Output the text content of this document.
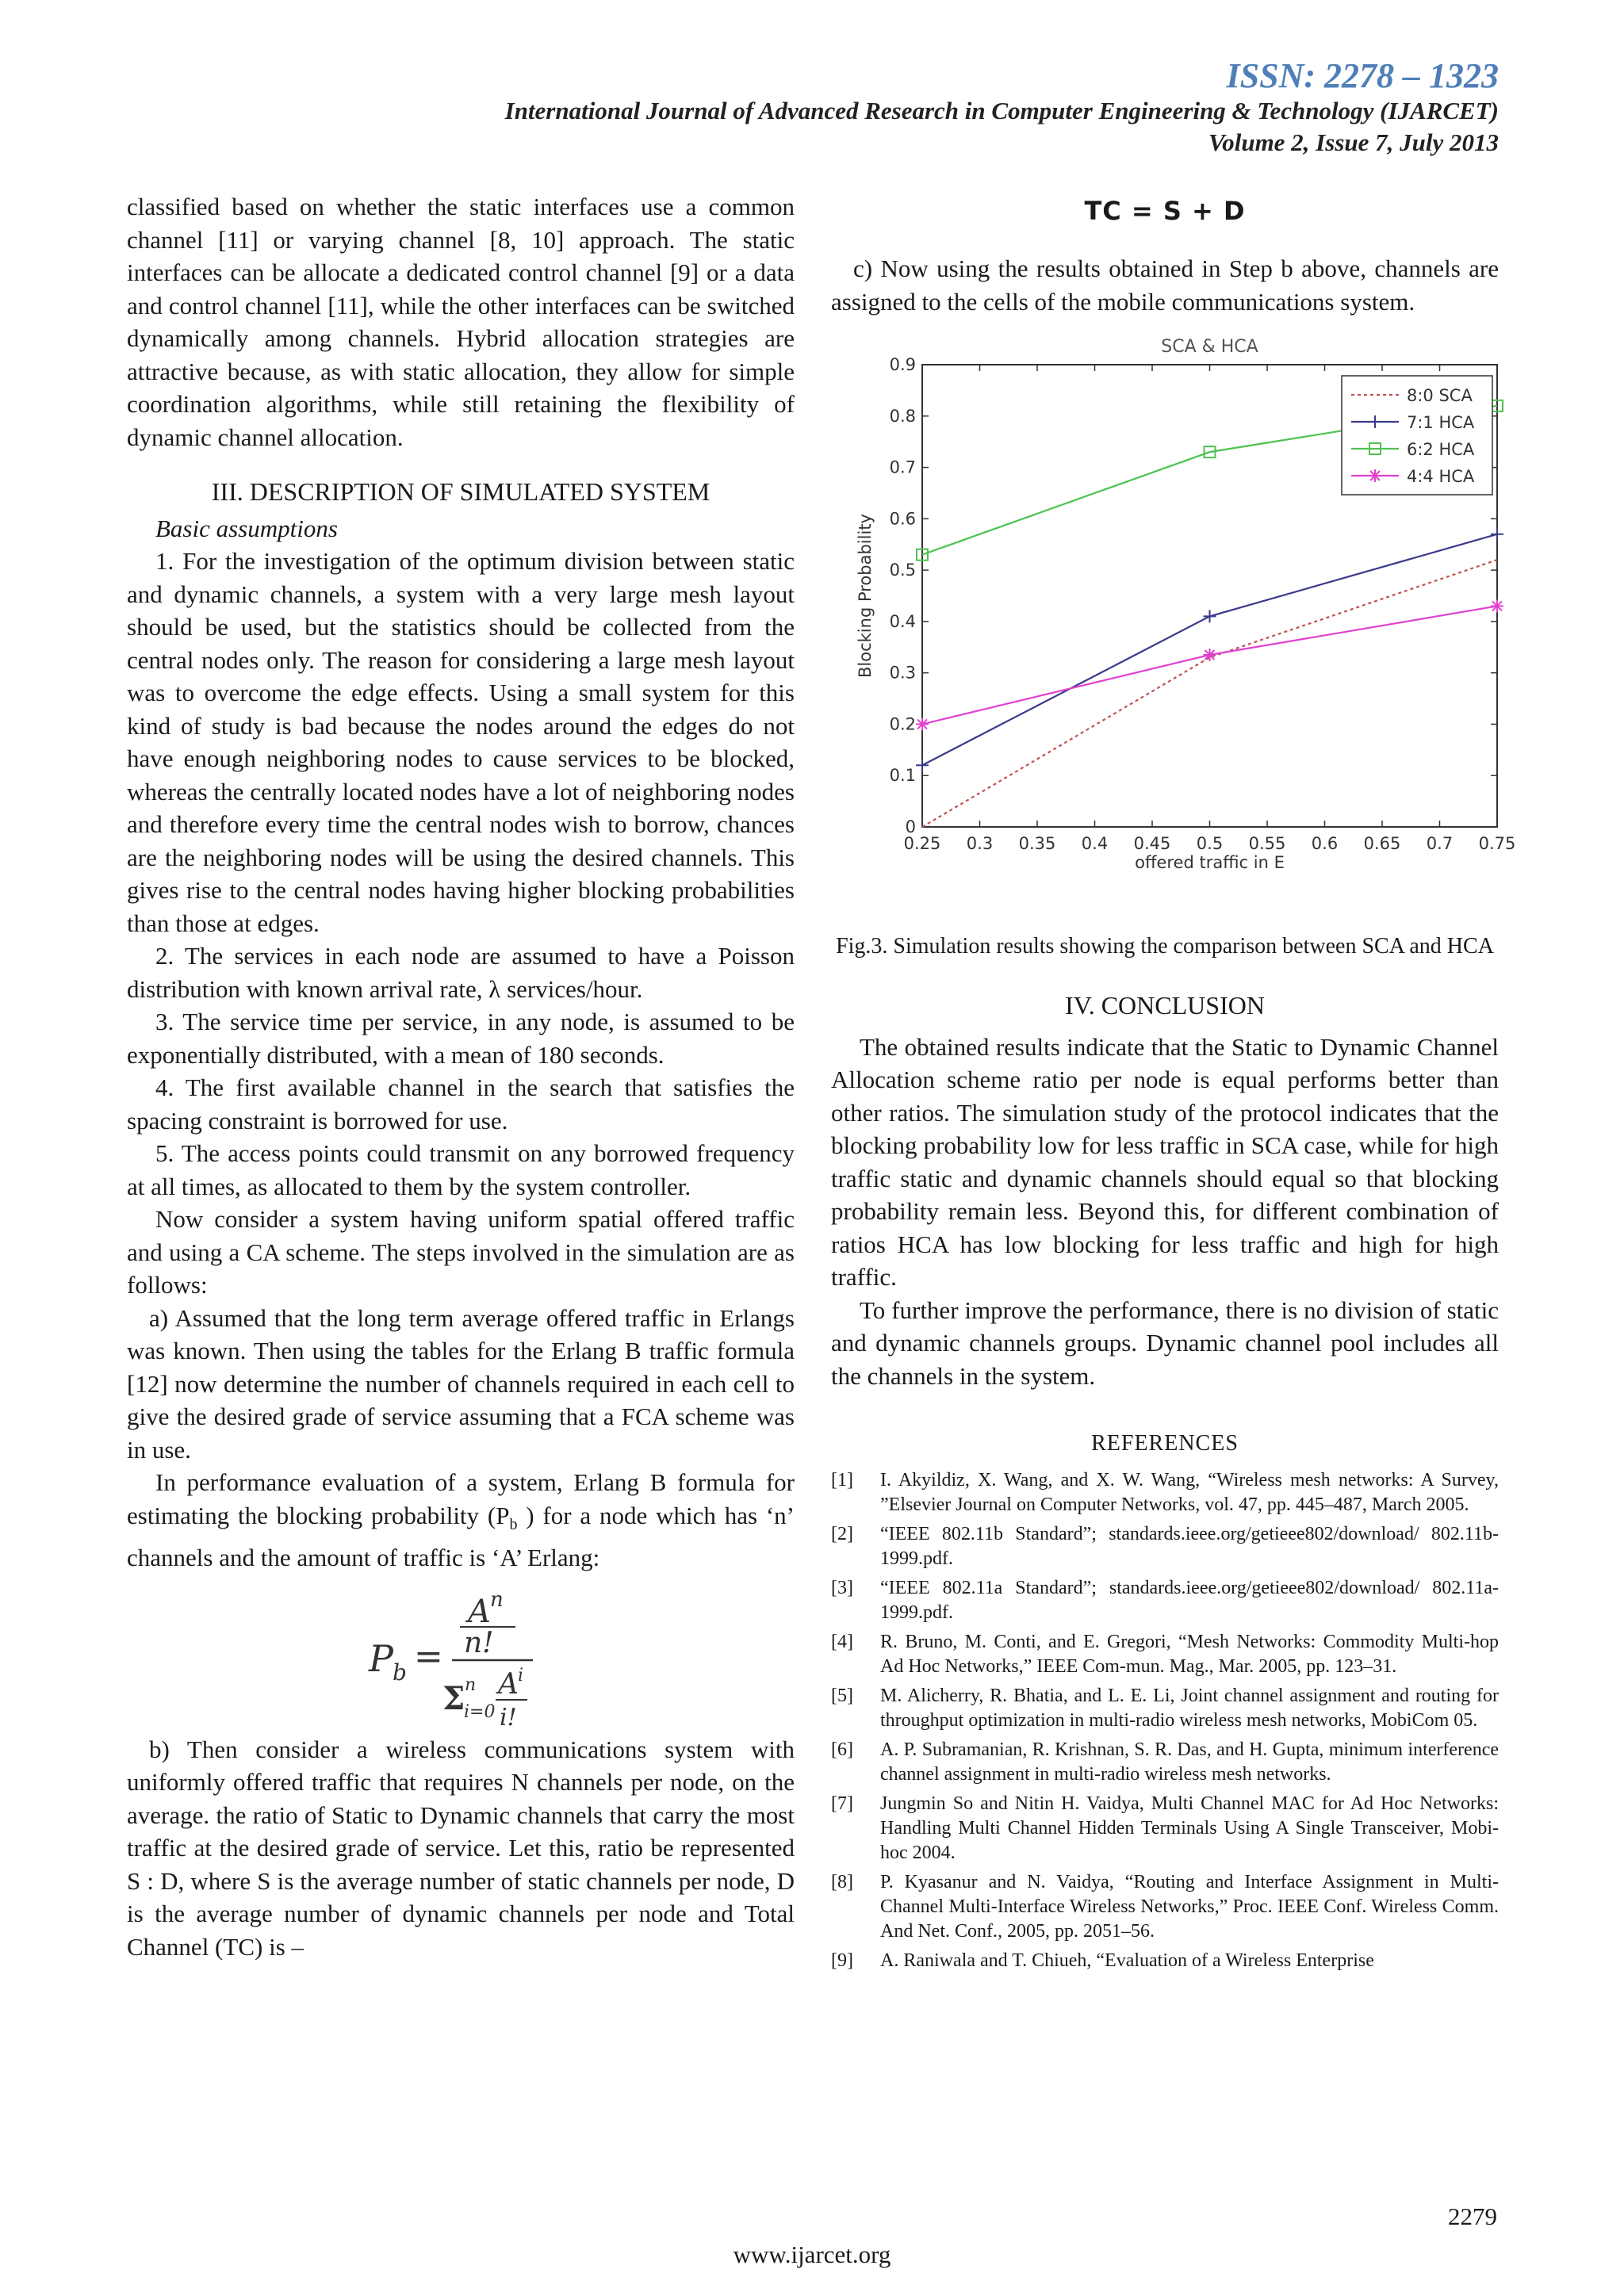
ISSN: 2278 – 1323
International Journal of Advanced Research in Computer Engineering & Technology (IJARCET)
Volume 2, Issue 7, July 2013

classified based on whether the static interfaces use a common channel [11] or varying channel [8, 10] approach. The static interfaces can be allocate a dedicated control channel [9] or a data and control channel [11], while the other interfaces can be switched dynamically among channels. Hybrid allocation strategies are attractive because, as with static allocation, they allow for simple coordination algorithms, while still retaining the flexibility of dynamic channel allocation.

III. DESCRIPTION OF SIMULATED SYSTEM

Basic assumptions

1. For the investigation of the optimum division between static and dynamic channels, a system with a very large mesh layout should be used, but the statistics should be collected from the central nodes only. The reason for considering a large mesh layout was to overcome the edge effects. Using a small system for this kind of study is bad because the nodes around the edges do not have enough neighboring nodes to cause services to be blocked, whereas the centrally located nodes have a lot of neighboring nodes and therefore every time the central nodes wish to borrow, chances are the neighboring nodes will be using the desired channels. This gives rise to the central nodes having higher blocking probabilities than those at edges.

2. The services in each node are assumed to have a Poisson distribution with known arrival rate, λ services/hour.

3. The service time per service, in any node, is assumed to be exponentially distributed, with a mean of 180 seconds.

4. The first available channel in the search that satisfies the spacing constraint is borrowed for use.

5. The access points could transmit on any borrowed frequency at all times, as allocated to them by the system controller.

Now consider a system having uniform spatial offered traffic and using a CA scheme. The steps involved in the simulation are as follows:

a) Assumed that the long term average offered traffic in Erlangs was known. Then using the tables for the Erlang B traffic formula [12] now determine the number of channels required in each cell to give the desired grade of service assuming that a FCA scheme was in use.

In performance evaluation of a system, Erlang B formula for estimating the blocking probability ($P_b$ ) for a node which has ‘n’ channels and the amount of traffic is ‘A’ Erlang:

P b =
A n
n!
Σ
i=0
n A i
i!

b) Then consider a wireless communications system with uniformly offered traffic that requires N channels per node, on the average. the ratio of Static to Dynamic channels that carry the most traffic at the desired grade of service. Let this, ratio be represented S : D, where S is the average number of static channels per node, D is the average number of dynamic channels per node and Total Channel (TC) is –

TC = S + D

c) Now using the results obtained in Step b above, channels are assigned to the cells of the mobile communications system.

SCA & HCA
0.25 0.3 0.35 0.4 0.45 0.5 0.55 0.6 0.65 0.7 0.75
0
0.1
0.2
0.3
0.4
0.5
0.6
0.7
0.8
0.9
offered traffic in E
Blocking Probability
8:0 SCA
7:1 HCA
6:2 HCA
4:4 HCA

Fig.3. Simulation results showing the comparison between SCA and HCA

IV. CONCLUSION

The obtained results indicate that the Static to Dynamic Channel Allocation scheme ratio per node is equal performs better than other ratios. The simulation study of the protocol indicates that the blocking probability low for less traffic in SCA case, while for high traffic static and dynamic channels should equal so that blocking probability remain less. Beyond this, for different combination of ratios HCA has low blocking for less traffic and high for high traffic.

To further improve the performance, there is no division of static and dynamic channels groups. Dynamic channel pool includes all the channels in the system.

REFERENCES

[1]	I. Akyildiz, X. Wang, and X. W. Wang, “Wireless mesh networks: A Survey, ”Elsevier Journal on Computer Networks, vol. 47, pp. 445–487, March 2005.

[2]	“IEEE 802.11b Standard”; standards.ieee.org/getieee802/download/ 802.11b-1999.pdf.

[3]	“IEEE 802.11a Standard”; standards.ieee.org/getieee802/download/ 802.11a-1999.pdf.

[4]	R. Bruno, M. Conti, and E. Gregori, “Mesh Networks: Commodity Multi-hop Ad Hoc Networks,” IEEE Com-mun. Mag., Mar. 2005, pp. 123–31.

[5]	M. Alicherry, R. Bhatia, and L. E. Li, Joint channel assignment and routing for throughput optimization in multi-radio wireless mesh networks, MobiCom 05.

[6]	A. P. Subramanian, R. Krishnan, S. R. Das, and H. Gupta, minimum interference channel assignment in multi-radio wireless mesh networks.

[7]	Jungmin So and Nitin H. Vaidya, Multi Channel MAC for Ad Hoc Networks: Handling Multi Channel Hidden Terminals Using A Single Transceiver, Mobi-hoc 2004.

[8]	P. Kyasanur and N. Vaidya, “Routing and Interface Assignment in Multi-Channel Multi-Interface Wireless Networks,” Proc. IEEE Conf. Wireless Comm. And Net. Conf., 2005, pp. 2051–56.

[9]	A. Raniwala and T. Chiueh, “Evaluation of a Wireless Enterprise

2279
www.ijarcet.org
